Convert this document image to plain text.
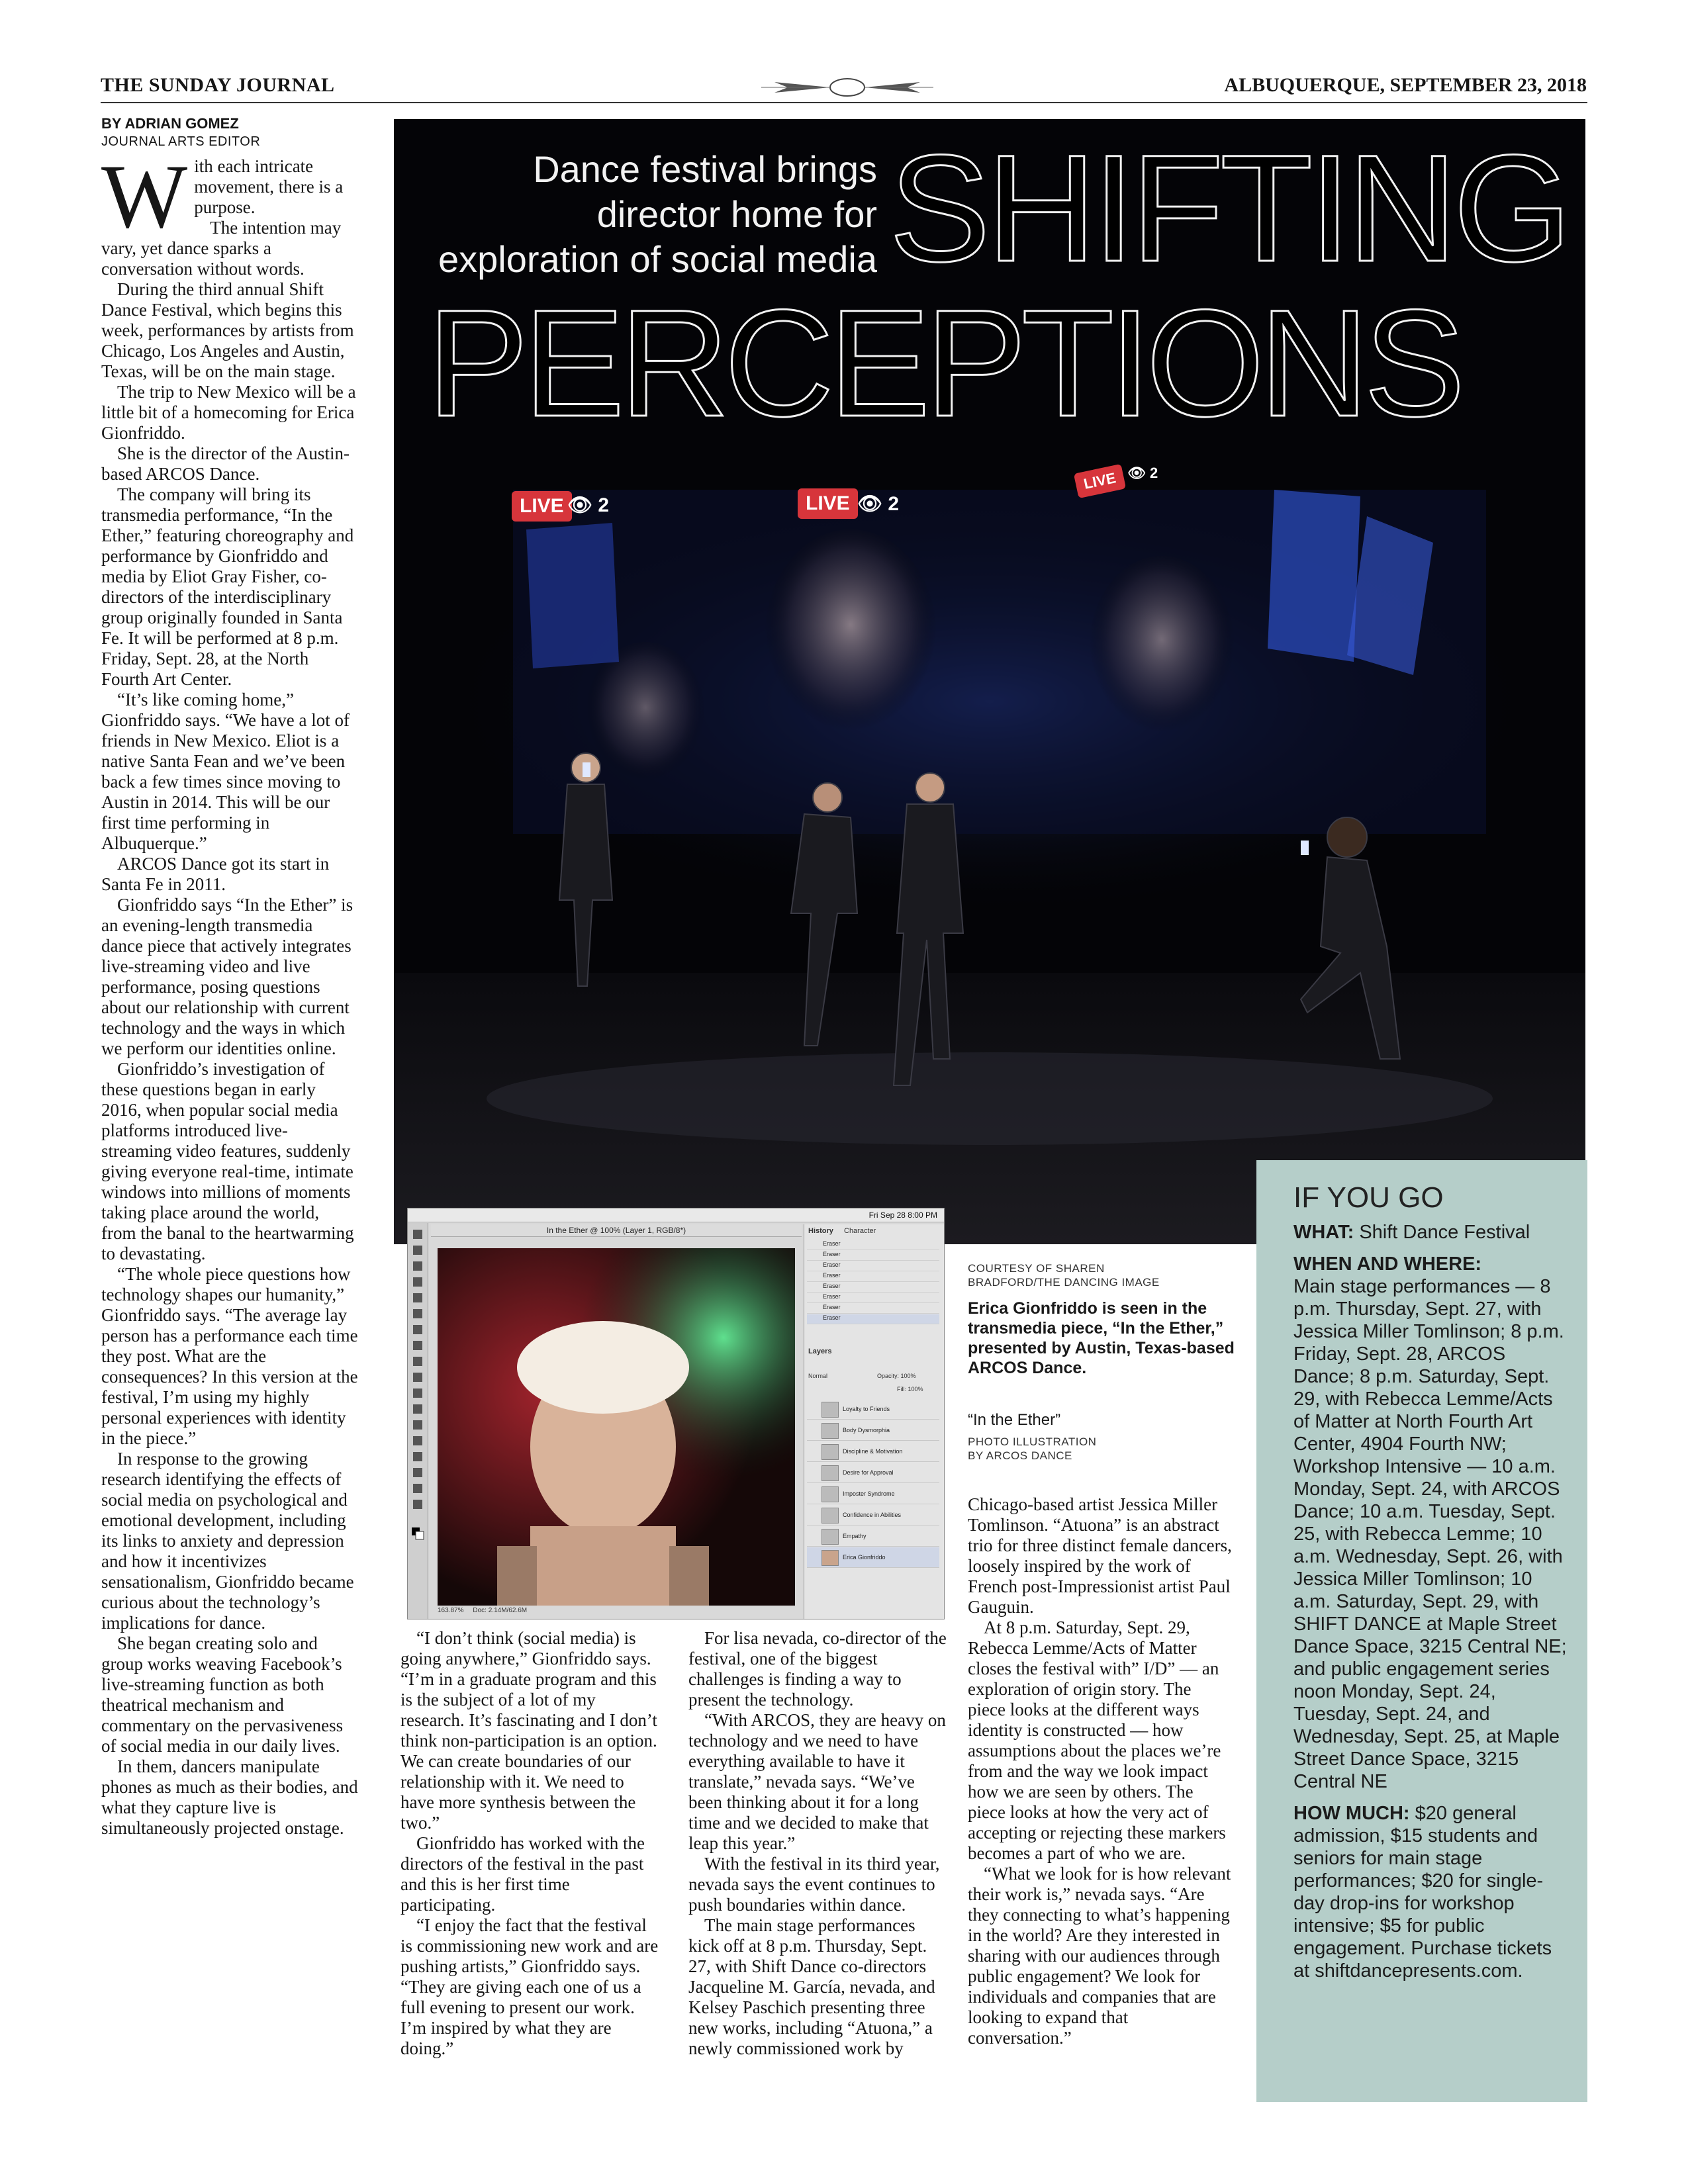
THE SUNDAY JOURNAL	ALBUQUERQUE, SEPTEMBER 23, 2018
BY ADRIAN GOMEZ
JOURNAL ARTS EDITOR
W ith each intricate movement, there is a purpose.

The intention may vary, yet dance sparks a conversation without words.

During the third annual Shift Dance Festival, which begins this week, performances by artists from Chicago, Los Angeles and Austin, Texas, will be on the main stage.

The trip to New Mexico will be a little bit of a homecoming for Erica Gionfriddo.

She is the director of the Austin-based ARCOS Dance.

The company will bring its transmedia performance, “In the Ether,” featuring choreography and performance by Gionfriddo and media by Eliot Gray Fisher, co-directors of the interdisciplinary group originally founded in Santa Fe. It will be performed at 8 p.m. Friday, Sept. 28, at the North Fourth Art Center.

“It’s like coming home,” Gionfriddo says. “We have a lot of friends in New Mexico. Eliot is a native Santa Fean and we’ve been back a few times since moving to Austin in 2014. This will be our first time performing in Albuquerque.”

ARCOS Dance got its start in Santa Fe in 2011.

Gionfriddo says “In the Ether” is an evening-length transmedia dance piece that actively integrates live-streaming video and live performance, posing questions about our relationship with current technology and the ways in which we perform our identities online.

Gionfriddo’s investigation of these questions began in early 2016, when popular social media platforms introduced live-streaming video features, suddenly giving everyone real-time, intimate windows into millions of moments taking place around the world, from the banal to the heartwarming to devastating.

“The whole piece questions how technology shapes our humanity,” Gionfriddo says. “The average lay person has a performance each time they post. What are the consequences? In this version at the festival, I’m using my highly personal experiences with identity in the piece.”

In response to the growing research identifying the effects of social media on psychological and emotional development, including its links to anxiety and depression and how it incentivizes sensationalism, Gionfriddo became curious about the technology’s implications for dance.

She began creating solo and group works weaving Facebook’s live-streaming function as both theatrical mechanism and commentary on the pervasiveness of social media in our daily lives.

In them, dancers manipulate phones as much as their bodies, and what they capture live is simultaneously projected onstage.

Dance festival brings
director home for
exploration of social media SHIFTING
PERCEPTIONS
LIVE 👁 2	LIVE 👁 2
LIVE 👁 2
Fri Sep 28 8:00 PM
In the Ether @ 100% (Layer 1, RGB/8*)
163.87% Doc: 2.14M/62.6M
History Character
Eraser
Eraser
Eraser
Eraser
Eraser
Eraser
Eraser
Eraser
Layers
Normal	Opacity: 100%
Fill: 100%
Loyalty to Friends
Body Dysmorphia
Discipline & Motivation
Desire for Approval
Imposter Syndrome
Confidence in Abilities
Empathy
Erica Gionfriddo
COURTESY OF SHAREN
BRADFORD/THE DANCING IMAGE
Erica Gionfriddo is seen in the transmedia piece, “In the Ether,” presented by Austin, Texas-based ARCOS Dance.
“In the Ether”
PHOTO ILLUSTRATION
BY ARCOS DANCE

“I don’t think (social media) is going anywhere,” Gionfriddo says. “I’m in a graduate program and this is the subject of a lot of my research. It’s fascinating and I don’t think non-participation is an option. We can create boundaries of our relationship with it. We need to have more synthesis between the two.”

Gionfriddo has worked with the directors of the festival in the past and this is her first time participating.

“I enjoy the fact that the festival is commissioning new work and are pushing artists,” Gionfriddo says. “They are giving each one of us a full evening to present our work. I’m inspired by what they are doing.”

For lisa nevada, co-director of the festival, one of the biggest challenges is finding a way to present the technology.

“With ARCOS, they are heavy on technology and we need to have everything available to have it translate,” nevada says. “We’ve been thinking about it for a long time and we decided to make that leap this year.”

With the festival in its third year, nevada says the event continues to push boundaries within dance.

The main stage performances kick off at 8 p.m. Thursday, Sept. 27, with Shift Dance co-directors Jacqueline M. García, nevada, and Kelsey Paschich presenting three new works, including “Atuona,” a newly commissioned work by

Chicago-based artist Jessica Miller Tomlinson. “Atuona” is an abstract trio for three distinct female dancers, loosely inspired by the work of French post-Impressionist artist Paul Gauguin.

At 8 p.m. Saturday, Sept. 29, Rebecca Lemme/Acts of Matter closes the festival with” I/D” — an exploration of origin story. The piece looks at the different ways identity is constructed — how assumptions about the places we’re from and the way we look impact how we are seen by others. The piece looks at how the very act of accepting or rejecting these markers becomes a part of who we are.

“What we look for is how relevant their work is,” nevada says. “Are they connecting to what’s happening in the world? Are they interested in sharing with our audiences through public engagement? We look for individuals and companies that are looking to expand that conversation.”

IF YOU GO

WHAT: Shift Dance Festival

WHEN AND WHERE:
Main stage performances — 8 p.m. Thursday, Sept. 27, with Jessica Miller Tomlinson; 8 p.m. Friday, Sept. 28, ARCOS Dance; 8 p.m. Saturday, Sept. 29, with Rebecca Lemme/Acts of Matter at North Fourth Art Center, 4904 Fourth NW; Workshop Intensive — 10 a.m. Monday, Sept. 24, with ARCOS Dance; 10 a.m. Tuesday, Sept. 25, with Rebecca Lemme; 10 a.m. Wednesday, Sept. 26, with Jessica Miller Tomlinson; 10 a.m. Saturday, Sept. 29, with SHIFT DANCE at Maple Street Dance Space, 3215 Central NE; and public engagement series noon Monday, Sept. 24, Tuesday, Sept. 24, and Wednesday, Sept. 25, at Maple Street Dance Space, 3215 Central NE

HOW MUCH: $20 general admission, $15 students and seniors for main stage performances; $20 for single-day drop-ins for workshop intensive; $5 for public engagement. Purchase tickets at shiftdancepresents.com.
